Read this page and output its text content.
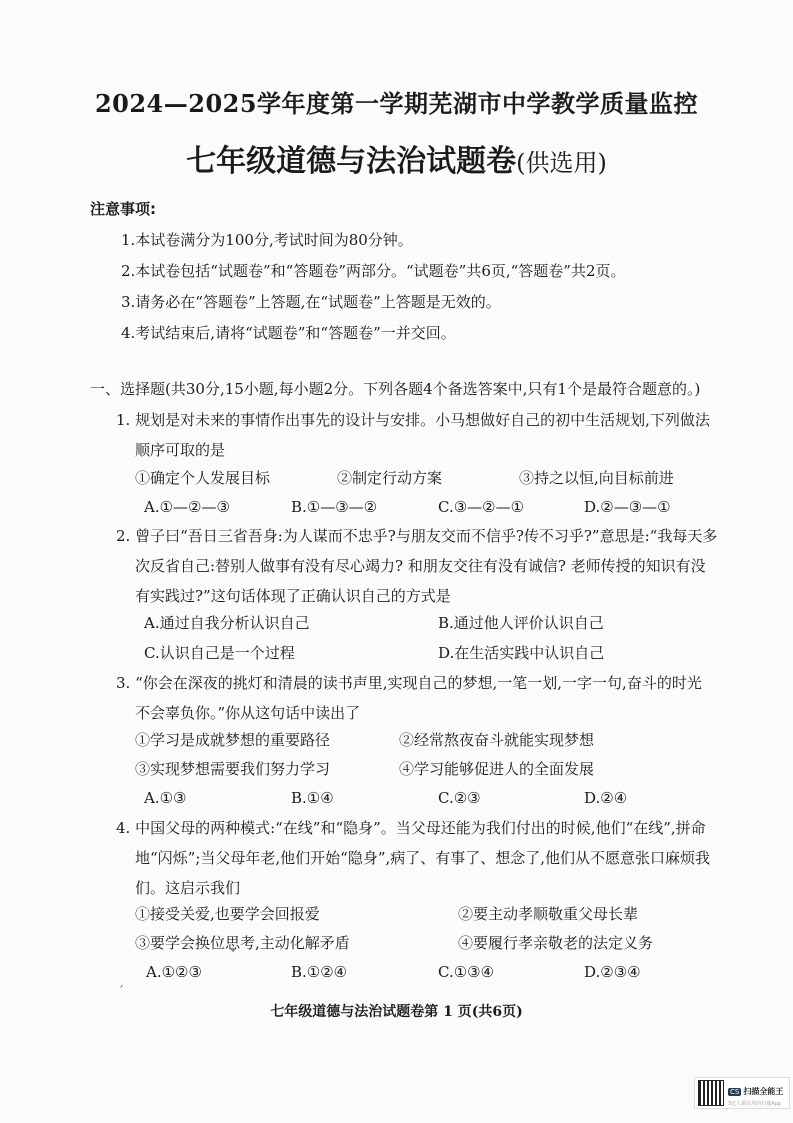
2024—2025学年度第一学期芜湖市中学教学质量监控
七年级道德与法治试题卷(供选用)
注意事项:
1.本试卷满分为100分,考试时间为80分钟。
2.本试卷包括“试题卷”和“答题卷”两部分。“试题卷”共6页,“答题卷”共2页。
3.请务必在“答题卷”上答题,在“试题卷”上答题是无效的。
4.考试结束后,请将“试题卷”和“答题卷”一并交回。
一、选择题(共30分,15小题,每小题2分。下列各题4个备选答案中,只有1个是最符合题意的。)
1. 规划是对未来的事情作出事先的设计与安排。小马想做好自己的初中生活规划,下列做法
顺序可取的是
①确定个人发展目标	②制定行动方案	③持之以恒,向目标前进
A.①—②—③	B.①—③—②	C.③—②—①	D.②—③—①
2. 曾子曰“吾日三省吾身:为人谋而不忠乎?与朋友交而不信乎?传不习乎?”意思是:“我每天多
次反省自己:替别人做事有没有尽心竭力? 和朋友交往有没有诚信? 老师传授的知识有没
有实践过?”这句话体现了正确认识自己的方式是
A.通过自我分析认识自己	B.通过他人评价认识自己
C.认识自己是一个过程	D.在生活实践中认识自己
3. “你会在深夜的挑灯和清晨的读书声里,实现自己的梦想,一笔一划,一字一句,奋斗的时光
不会辜负你。”你从这句话中读出了
①学习是成就梦想的重要路径	②经常熬夜奋斗就能实现梦想
③实现梦想需要我们努力学习	④学习能够促进人的全面发展
A.①③	B.①④	C.②③	D.②④
4. 中国父母的两种模式:“在线”和“隐身”。当父母还能为我们付出的时候,他们“在线”,拼命
地“闪烁”;当父母年老,他们开始“隐身”,病了、有事了、想念了,他们从不愿意张口麻烦我
们。这启示我们
①接受关爱,也要学会回报爱	②要主动孝顺敬重父母长辈
③要学会换位思考,主动化解矛盾	④要履行孝亲敬老的法定义务
A.①②③	B.①②④	C.①③④	D.②③④
ˇ
ˊ
七年级道德与法治试题卷第 1 页(共6页)
CS 扫描全能王
3亿人都在用的扫描App
